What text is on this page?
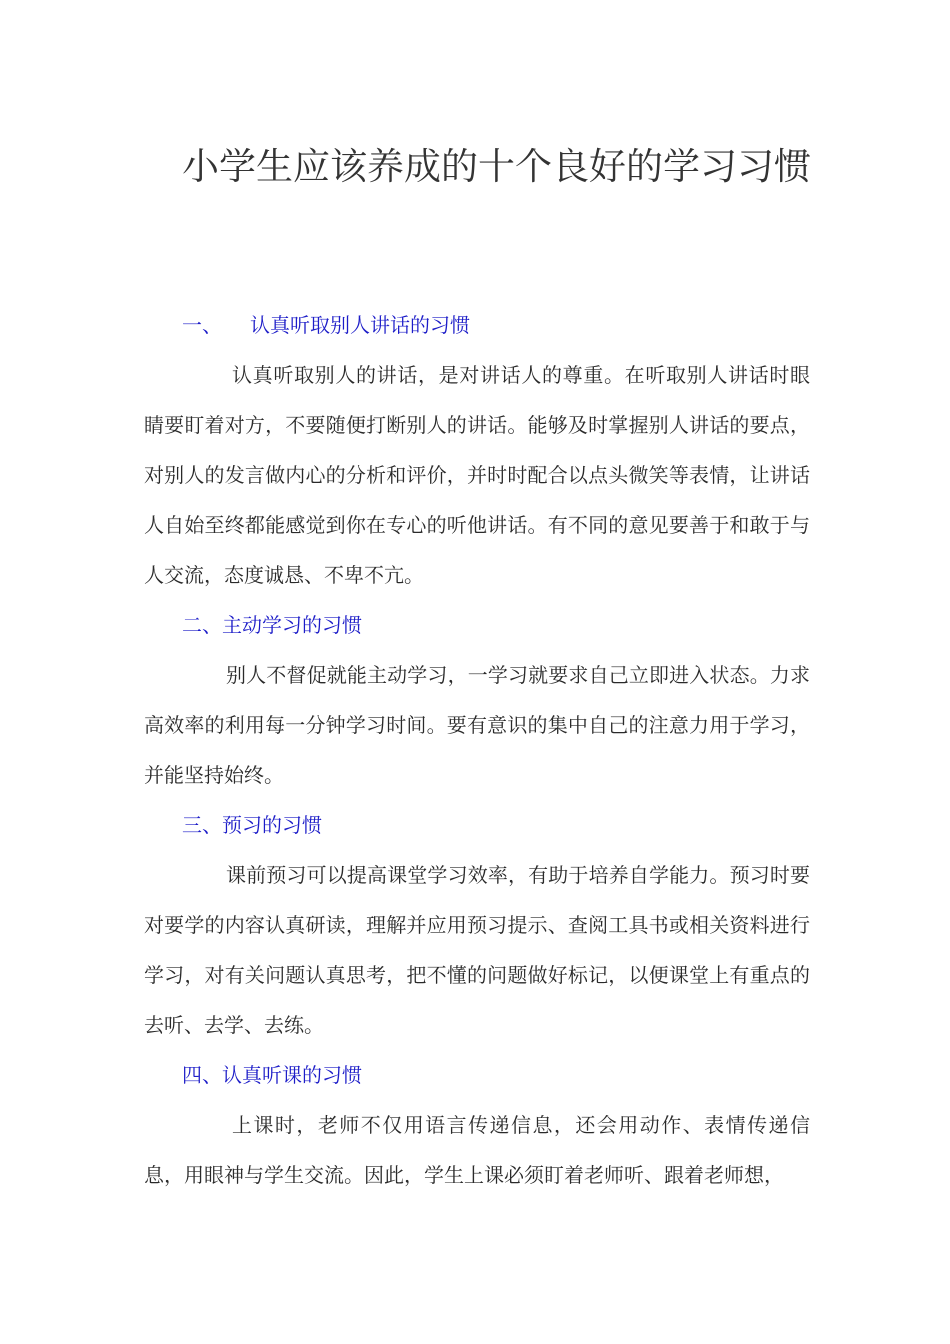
小学生应该养成的十个良好的学习习惯
一、 认真听取别人讲话的习惯

认真听取别人的讲话，是对讲话人的尊重。在听取别人讲话时眼睛要盯着对方，不要随便打断别人的讲话。能够及时掌握别人讲话的要点，对别人的发言做内心的分析和评价，并时时配合以点头微笑等表情，让讲话人自始至终都能感觉到你在专心的听他讲话。有不同的意见要善于和敢于与人交流，态度诚恳、不卑不亢。

二、主动学习的习惯

别人不督促就能主动学习，一学习就要求自己立即进入状态。力求高效率的利用每一分钟学习时间。要有意识的集中自己的注意力用于学习，并能坚持始终。

三、预习的习惯

课前预习可以提高课堂学习效率，有助于培养自学能力。预习时要对要学的内容认真研读，理解并应用预习提示、查阅工具书或相关资料进行学习，对有关问题认真思考，把不懂的问题做好标记，以便课堂上有重点的去听、去学、去练。

四、认真听课的习惯

上课时，老师不仅用语言传递信息，还会用动作、表情传递信息，用眼神与学生交流。因此，学生上课必须盯着老师听、跟着老师想，
